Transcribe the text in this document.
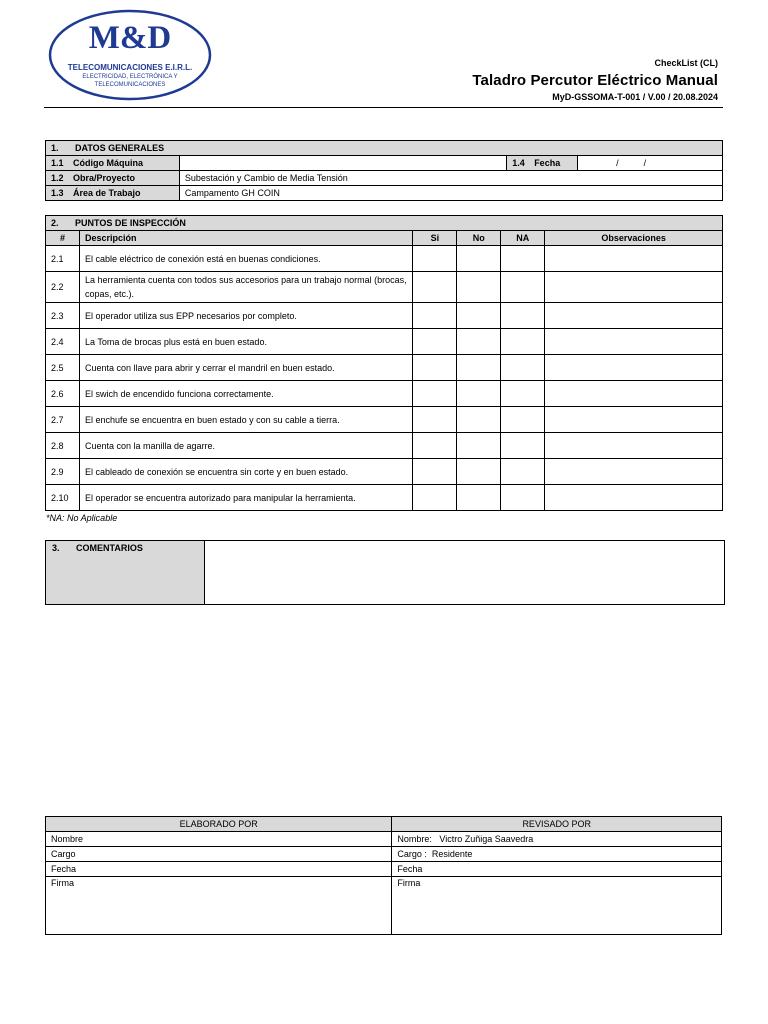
M&D
TELECOMUNICACIONES E.I.R.L.
ELECTRICIDAD, ELECTRÓNICA Y
TELECOMUNICACIONES
CheckList (CL)
Taladro Percutor Eléctrico Manual
MyD-GSSOMA-T-001 / V.00 / 20.08.2024
1. DATOS GENERALES			
1.1 Código Máquina		1.4 Fecha	/          /
1.2 Obra/Proyecto	Subestación y Cambio de Media Tensión		
1.3 Área de Trabajo	Campamento GH COIN		
2. PUNTOS DE INSPECCIÓN					
#	Descripción	Si	No	NA	Observaciones
2.1	El cable eléctrico de conexión está en buenas condiciones.				
2.2	La herramienta cuenta con todos sus accesorios para un trabajo normal (brocas, copas, etc.).				
2.3	El operador utiliza sus EPP necesarios por completo.				
2.4	La Toma de brocas plus está en buen estado.				
2.5	Cuenta con llave para abrir y cerrar el mandril en buen estado.				
2.6	El swich de encendido funciona correctamente.				
2.7	El enchufe se encuentra en buen estado y con su cable a tierra.				
2.8	Cuenta con la manilla de agarre.				
2.9	El cableado de conexión se encuentra sin corte y en buen estado.				
2.10	El operador se encuentra autorizado para manipular la herramienta.				
*NA: No Aplicable
3. COMENTARIOS
ELABORADO POR	REVISADO POR
Nombre	Nombre:   Victro Zuñiga Saavedra
Cargo	Cargo :  Residente
Fecha	Fecha
Firma	Firma
